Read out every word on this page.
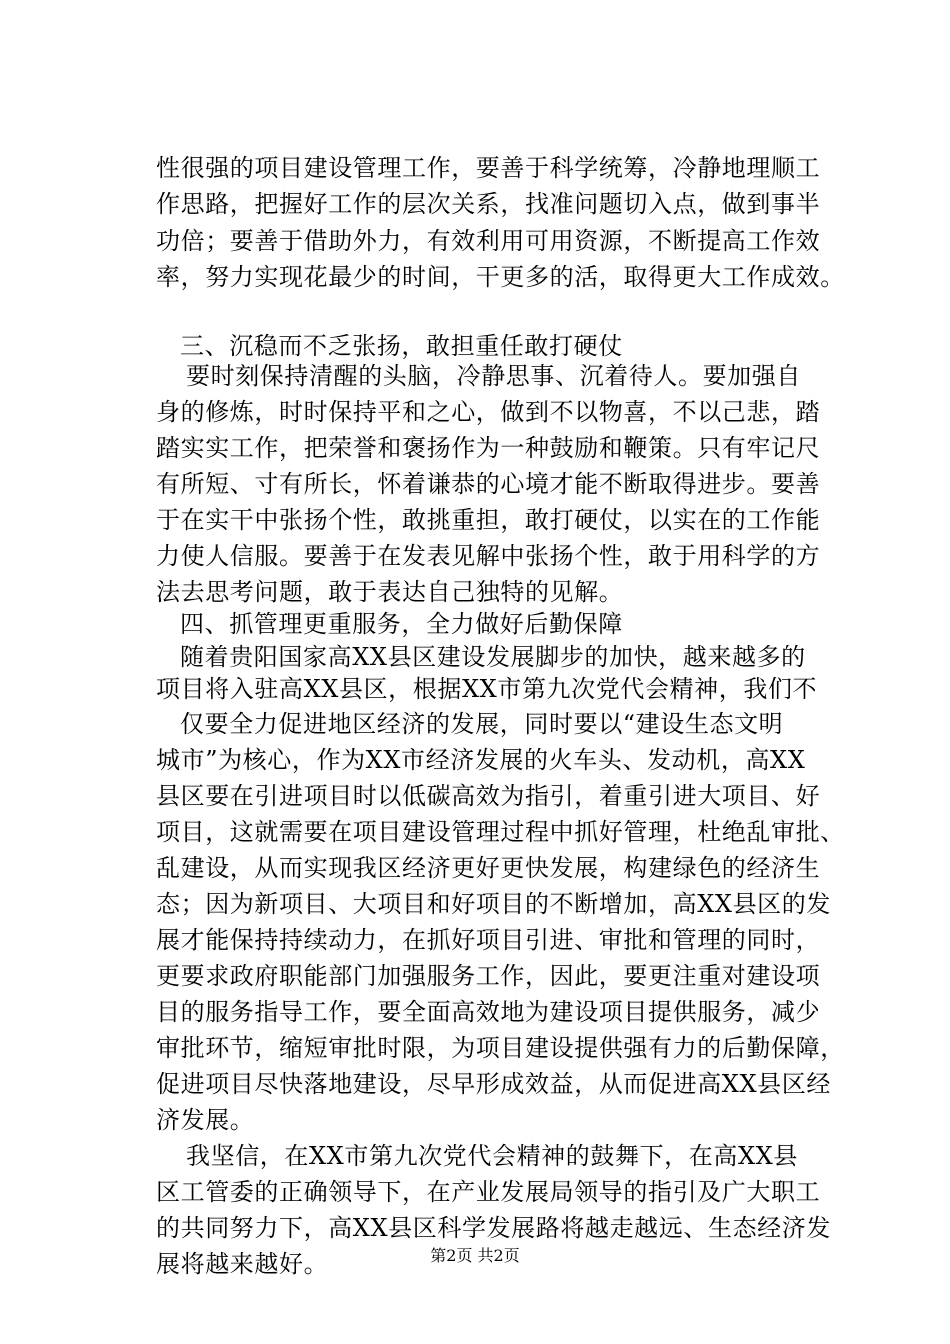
性很强的项目建设管理工作，要善于科学统筹，冷静地理顺工
作思路，把握好工作的层次关系，找准问题切入点，做到事半
功倍；要善于借助外力，有效利用可用资源，不断提高工作效
率，努力实现花最少的时间，干更多的活，取得更大工作成效。
三、沉稳而不乏张扬，敢担重任敢打硬仗
要时刻保持清醒的头脑，冷静思事、沉着待人。要加强自
身的修炼，时时保持平和之心，做到不以物喜，不以己悲，踏
踏实实工作，把荣誉和褒扬作为一种鼓励和鞭策。只有牢记尺
有所短、寸有所长，怀着谦恭的心境才能不断取得进步。要善
于在实干中张扬个性，敢挑重担，敢打硬仗，以实在的工作能
力使人信服。要善于在发表见解中张扬个性，敢于用科学的方
法去思考问题，敢于表达自己独特的见解。
四、抓管理更重服务，全力做好后勤保障
随着贵阳国家高XX县区建设发展脚步的加快，越来越多的
项目将入驻高XX县区，根据XX市第九次党代会精神，我们不
仅要全力促进地区经济的发展，同时要以“建设生态文明
城市”为核心，作为XX市经济发展的火车头、发动机，高XX
县区要在引进项目时以低碳高效为指引，着重引进大项目、好
项目，这就需要在项目建设管理过程中抓好管理，杜绝乱审批、
乱建设，从而实现我区经济更好更快发展，构建绿色的经济生
态；因为新项目、大项目和好项目的不断增加，高XX县区的发
展才能保持持续动力，在抓好项目引进、审批和管理的同时，
更要求政府职能部门加强服务工作，因此，要更注重对建设项
目的服务指导工作，要全面高效地为建设项目提供服务，减少
审批环节，缩短审批时限，为项目建设提供强有力的后勤保障，
促进项目尽快落地建设，尽早形成效益，从而促进高XX县区经
济发展。
我坚信，在XX市第九次党代会精神的鼓舞下，在高XX县
区工管委的正确领导下，在产业发展局领导的指引及广大职工
的共同努力下，高XX县区科学发展路将越走越远、生态经济发
展将越来越好。	第2页 共2页
